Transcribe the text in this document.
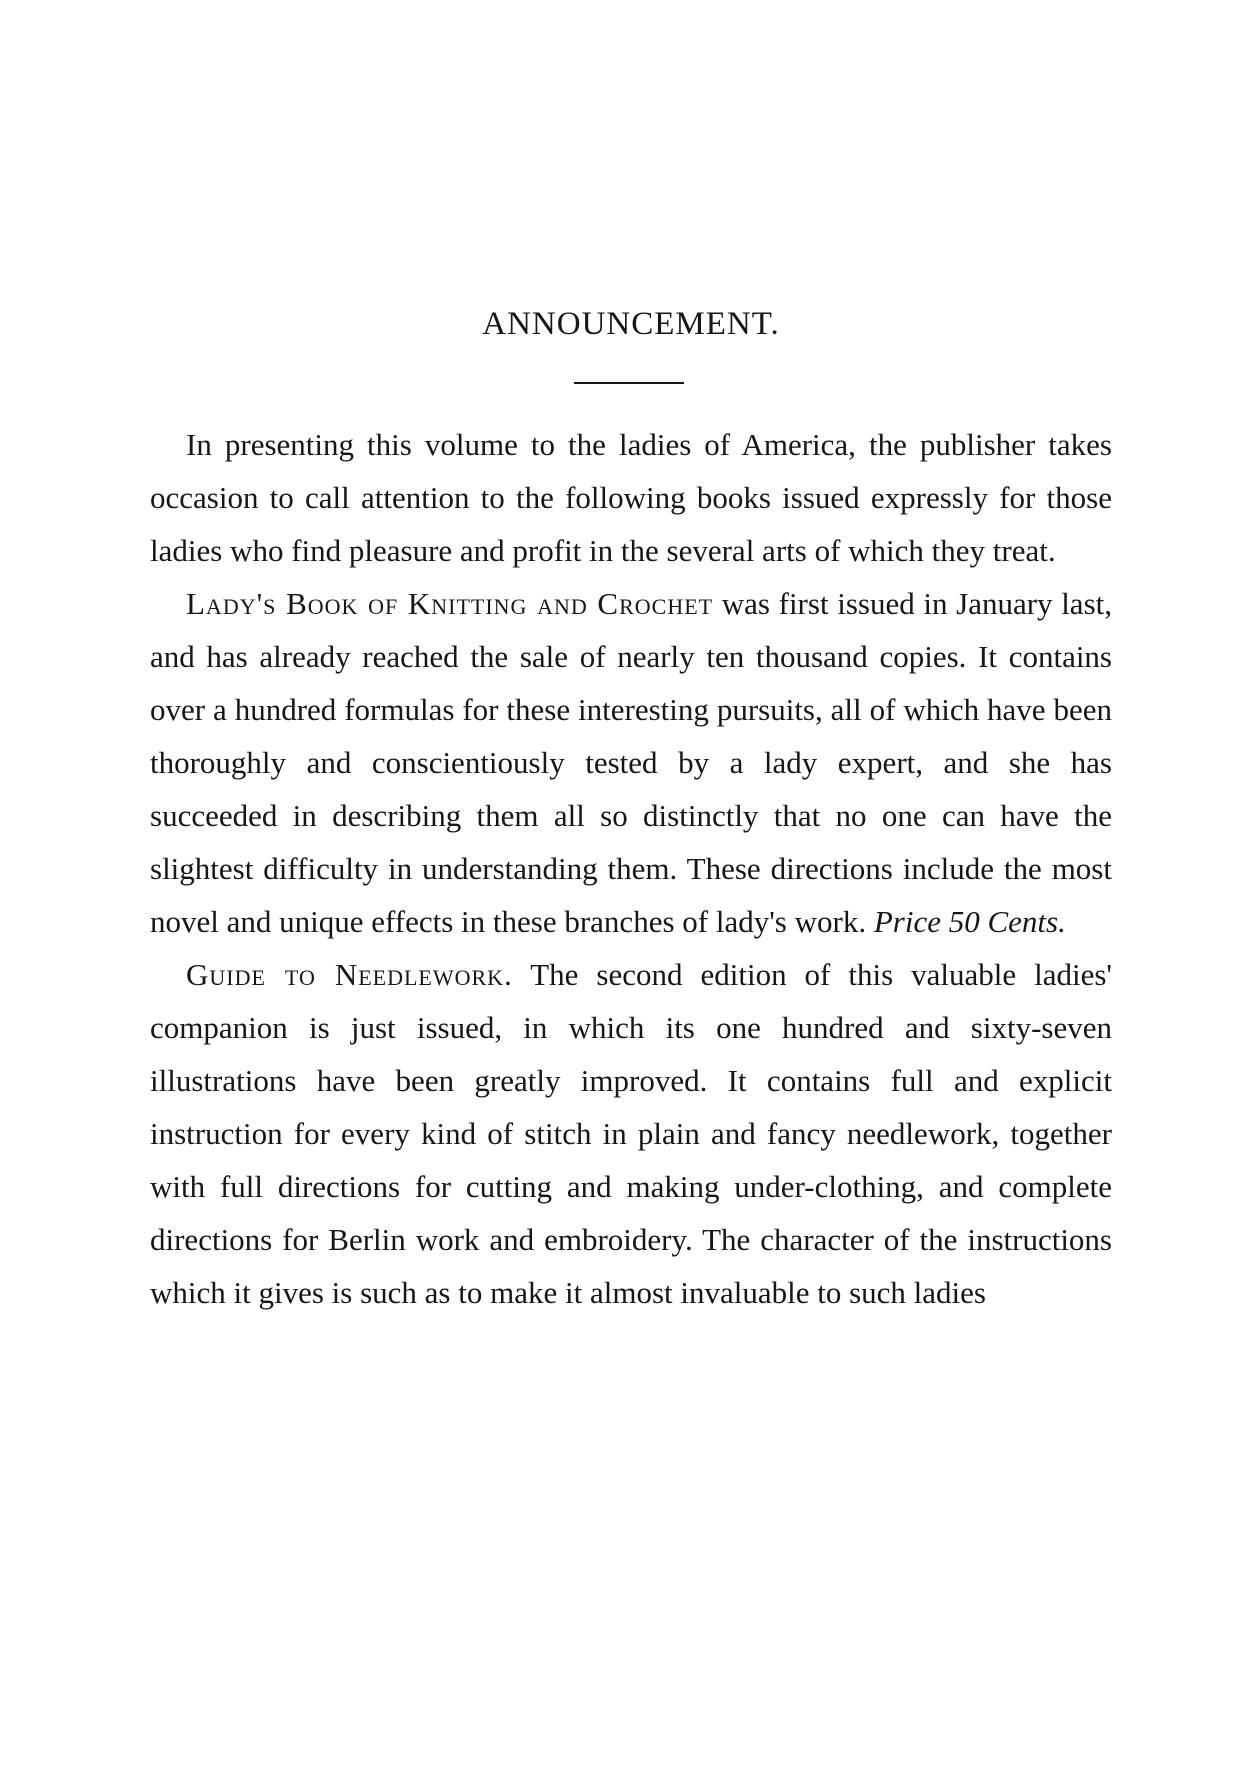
ANNOUNCEMENT.

In presenting this volume to the ladies of America, the publisher takes occasion to call attention to the following books issued expressly for those ladies who find pleasure and profit in the several arts of which they treat.

Lady's Book of Knitting and Crochet was first issued in January last, and has already reached the sale of nearly ten thousand copies. It contains over a hundred formulas for these interesting pursuits, all of which have been thoroughly and conscientiously tested by a lady expert, and she has succeeded in describing them all so distinctly that no one can have the slightest difficulty in understanding them. These directions include the most novel and unique effects in these branches of lady's work. Price 50 Cents.

Guide to Needlework. The second edition of this valuable ladies' companion is just issued, in which its one hundred and sixty-seven illustrations have been greatly improved. It contains full and explicit instruction for every kind of stitch in plain and fancy needlework, together with full directions for cutting and making under-clothing, and complete directions for Berlin work and embroidery. The character of the instructions which it gives is such as to make it almost invaluable to such ladies
